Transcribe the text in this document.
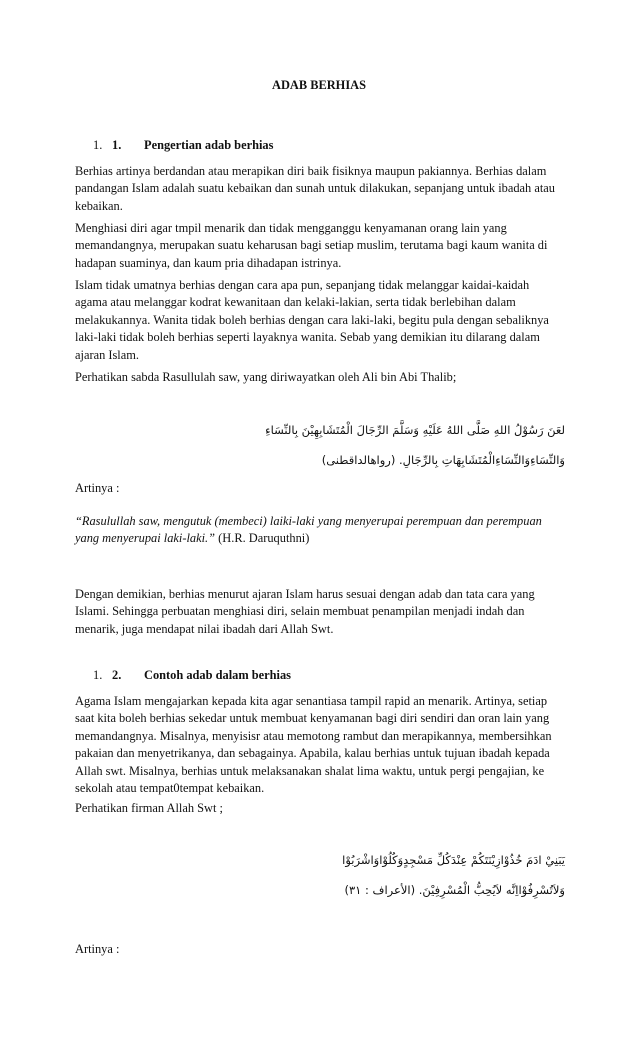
ADAB BERHIAS
1. 1. Pengertian adab berhias
Berhias artinya berdandan atau merapikan diri baik fisiknya maupun pakiannya. Berhias dalam
pandangan Islam adalah suatu kebaikan dan sunah untuk dilakukan, sepanjang untuk ibadah atau
kebaikan.
Menghiasi diri agar tmpil menarik dan tidak mengganggu kenyamanan orang lain yang
memandangnya, merupakan suatu keharusan bagi setiap muslim, terutama bagi kaum wanita di
hadapan suaminya, dan kaum pria dihadapan istrinya.
Islam tidak umatnya berhias dengan cara apa pun, sepanjang tidak melanggar kaidai-kaidah
agama atau melanggar kodrat kewanitaan dan kelaki-lakian, serta tidak berlebihan dalam
melakukannya. Wanita tidak boleh berhias dengan cara laki-laki, begitu pula dengan sebaliknya
laki-laki tidak boleh berhias seperti layaknya wanita. Sebab yang demikian itu dilarang dalam
ajaran Islam.
Perhatikan sabda Rasullulah saw, yang diriwayatkan oleh Ali bin Abi Thalib;
لعَنَ رَسُوْلُ اللهِ صَلَّى اللهُ عَلَيْهِ وَسَلَّمَ الرِّجَالَ الْمُتَشَابِهِيْنَ بِالنِّسَاءِ
وَالنِّسَاءِوَالنِّسَاءِالْمُتَشَابِهَاتِ بِالرِّجَالِ. (رواهالداقطنى)
Artinya :
“Rasulullah saw, mengutuk (membeci) laiki-laki yang menyerupai perempuan dan perempuan
yang menyerupai laki-laki.” (H.R. Daruquthni)
Dengan demikian, berhias menurut ajaran Islam harus sesuai dengan adab dan tata cara yang
Islami. Sehingga perbuatan menghiasi diri, selain membuat penampilan menjadi indah dan
menarik, juga mendapat nilai ibadah dari Allah Swt.
1. 2. Contoh adab dalam berhias
Agama Islam mengajarkan kepada kita agar senantiasa tampil rapid an menarik. Artinya, setiap
saat kita boleh berhias sekedar untuk membuat kenyamanan bagi diri sendiri dan oran lain yang
memandangnya. Misalnya, menyisisr atau memotong rambut dan merapikannya, membersihkan
pakaian dan menyetrikanya, dan sebagainya. Apabila, kalau berhias untuk tujuan ibadah kepada
Allah swt. Misalnya, berhias untuk melaksanakan shalat lima waktu, untuk pergi pengajian, ke
sekolah atau tempat0tempat kebaikan.
Perhatikan firman Allah Swt ;
يَبَنِيْ ادَمَ خُذُوْازِيْنَتَكُمْ عِنْدَكُلِّ مَسْجِدٍوَكُلُوْاوَاشْرَبُوْا
وَلاَتُسْرِفُوْااِنَّه لاَيُحِبُّ الْمُسْرِفِيْنَ. (الأعراف : ٣١)
Artinya :
